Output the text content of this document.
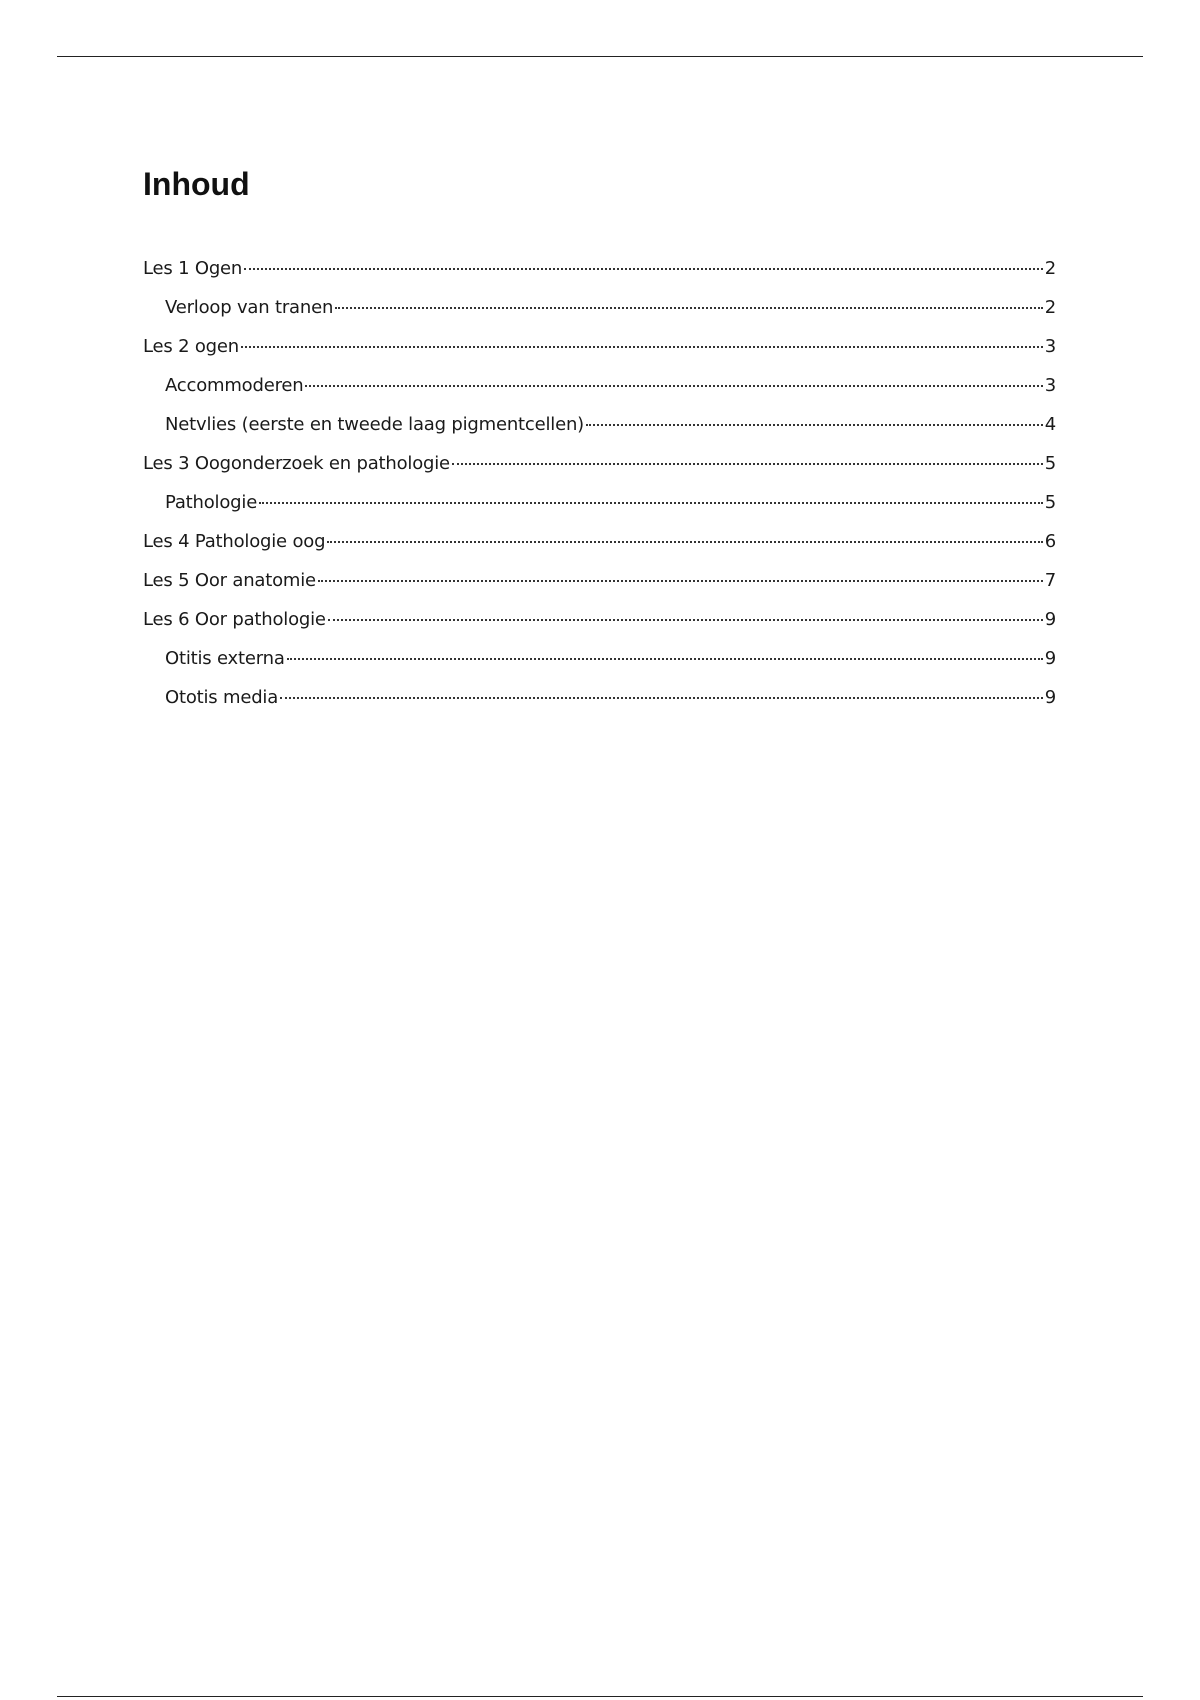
Inhoud
Les 1 Ogen	2
Verloop van tranen	2
Les 2 ogen	3
Accommoderen	3
Netvlies (eerste en tweede laag pigmentcellen)	4
Les 3 Oogonderzoek en pathologie	5
Pathologie	5
Les 4 Pathologie oog	6
Les 5 Oor anatomie	7
Les 6 Oor pathologie	9
Otitis externa	9
Ototis media	9
